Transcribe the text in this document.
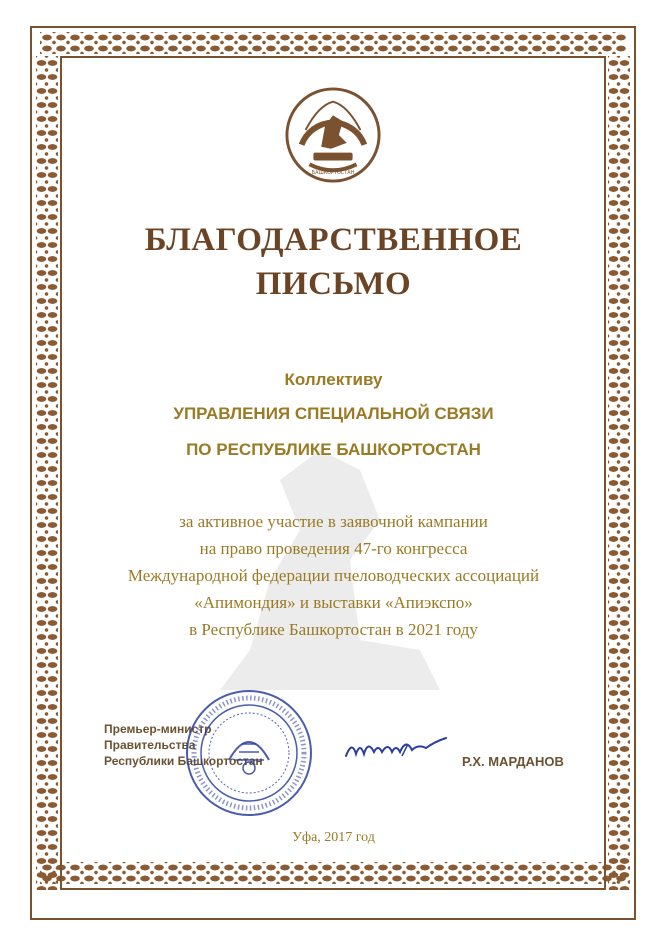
БАШКОРТОСТАН
БЛАГОДАРСТВЕННОЕ
ПИСЬМО
Коллективу
УПРАВЛЕНИЯ СПЕЦИАЛЬНОЙ СВЯЗИ
ПО РЕСПУБЛИКЕ БАШКОРТОСТАН
за активное участие в заявочной кампании
на право проведения 47-го конгресса
Международной федерации пчеловодческих ассоциаций
«Апимондия» и выставки «Апиэкспо»
в Республике Башкортостан в 2021 году
Премьер-министр
Правительства
Республики Башкортостан	Р.Х. МАРДАНОВ
Уфа, 2017 год
